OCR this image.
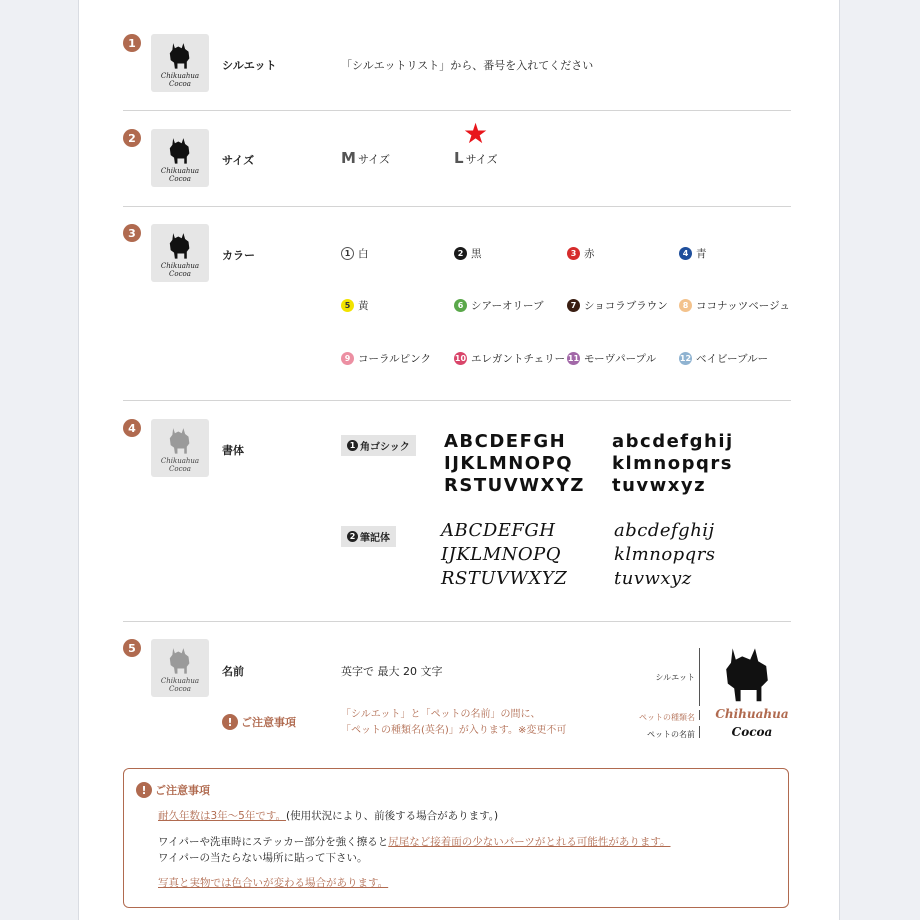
1
Chikuahua
Cocoa
シルエット	「シルエットリスト」から、番号を入れてください
2
Chikuahua
Cocoa
サイズ	M サイズ
★
L サイズ
3
Chikuahua
Cocoa
カラー	1 白	2 黒	3 赤	4 青
5 黄	6 シアーオリーブ	7 ショコラブラウン	8 ココナッツベージュ
9 コーラルピンク	10 エレガントチェリー 11 モーヴパープル	12 ベイビーブルー
4
Chikuahua
Cocoa
書体	1 角ゴシック ABCDEFGH
IJKLMNOPQ
RSTUVWXYZ
abcdefghij
klmnopqrs
tuvwxyz
2 筆記体	ABCDEFGH
IJKLMNOPQ
RSTUVWXYZ
abcdefghij
klmnopqrs
tuvwxyz
5
Chikuahua
Cocoa
名前	英字で 最大 20 文字
! ご注意事項
「シルエット」と「ペットの名前」の間に、
「ペットの種類名(英名)」が入ります。※変更不可
シルエット
ペットの種類名
ペットの名前
Chihuahua
Cocoa
! ご注意事項
耐久年数は3年〜5年です。(使用状況により、前後する場合があります。)
ワイパーや洗車時にステッカー部分を強く擦ると尻尾など接着面の少ないパーツがとれる可能性があります。
ワイパーの当たらない場所に貼って下さい。
写真と実物では色合いが変わる場合があります。
